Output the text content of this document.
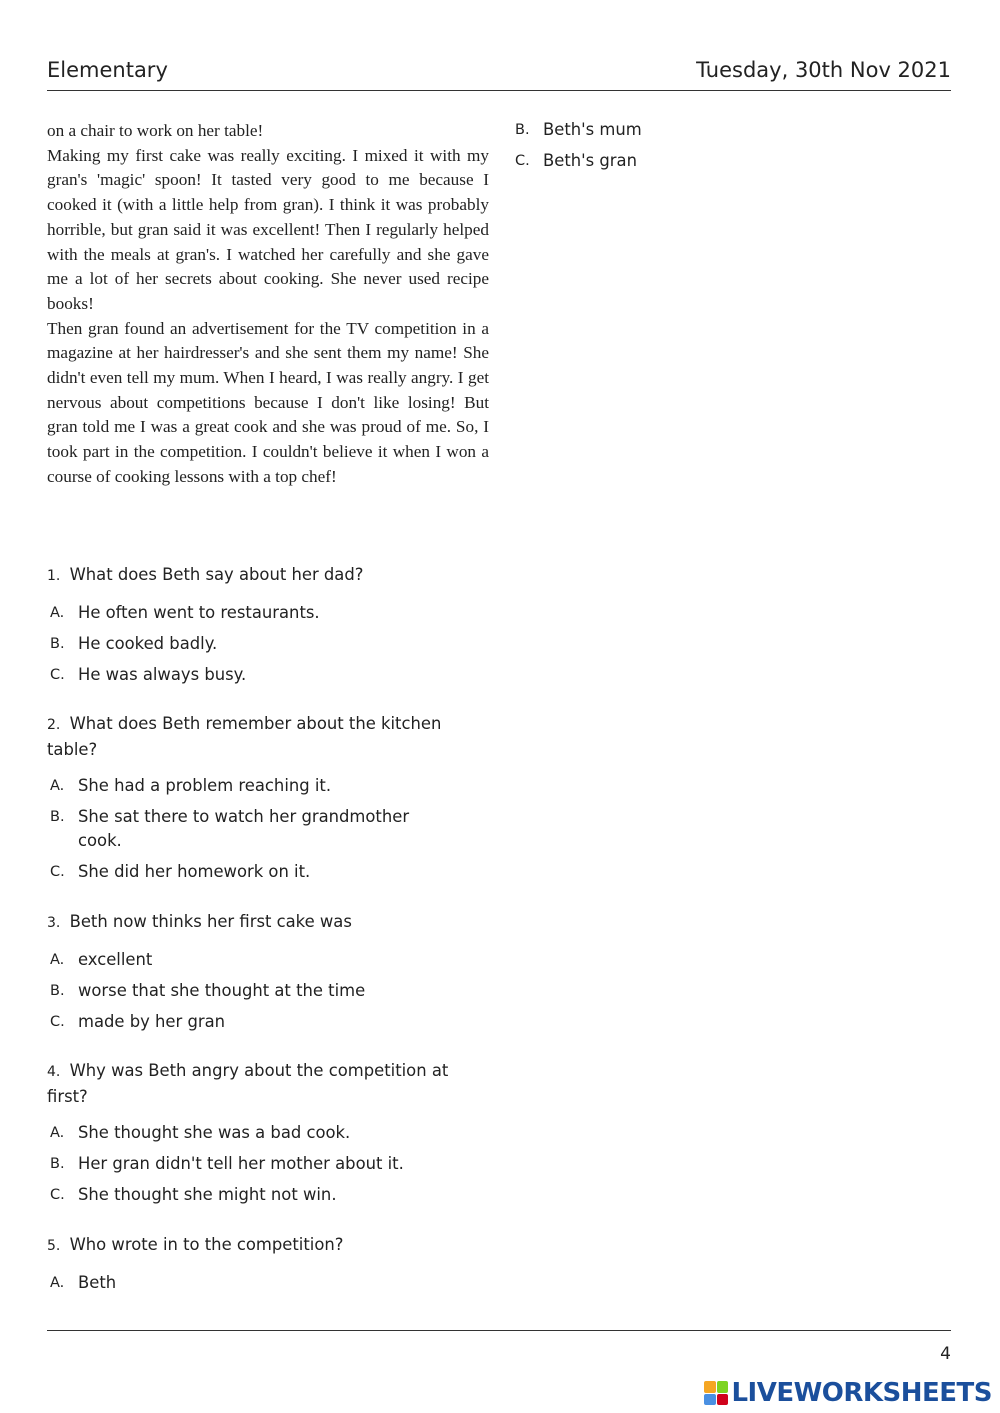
Elementary	Tuesday, 30th Nov 2021

on a chair to work on her table!

Making my first cake was really exciting. I mixed it with my gran's 'magic' spoon! It tasted very good to me because I cooked it (with a little help from gran). I think it was probably horrible, but gran said it was excellent! Then I regularly helped with the meals at gran's. I watched her carefully and she gave me a lot of her secrets about cooking. She never used recipe books!

Then gran found an advertisement for the TV competition in a magazine at her hairdresser's and she sent them my name! She didn't even tell my mum. When I heard, I was really angry. I get nervous about competitions because I don't like losing! But gran told me I was a great cook and she was proud of me. So, I took part in the competition. I couldn't believe it when I won a course of cooking lessons with a top chef!

1. What does Beth say about her dad?

A. He often went to restaurants.
B. He cooked badly.
C. He was always busy.

2. What does Beth remember about the kitchen table?

A. She had a problem reaching it.
B. She sat there to watch her grandmother cook.
C. She did her homework on it.

3. Beth now thinks her first cake was

A. excellent
B. worse that she thought at the time
C. made by her gran

4. Why was Beth angry about the competition at first?

A. She thought she was a bad cook.
B. Her gran didn't tell her mother about it.
C. She thought she might not win.

5. Who wrote in to the competition?

A. Beth
B. Beth's mum
C. Beth's gran
4
LIVEWORKSHEETS
